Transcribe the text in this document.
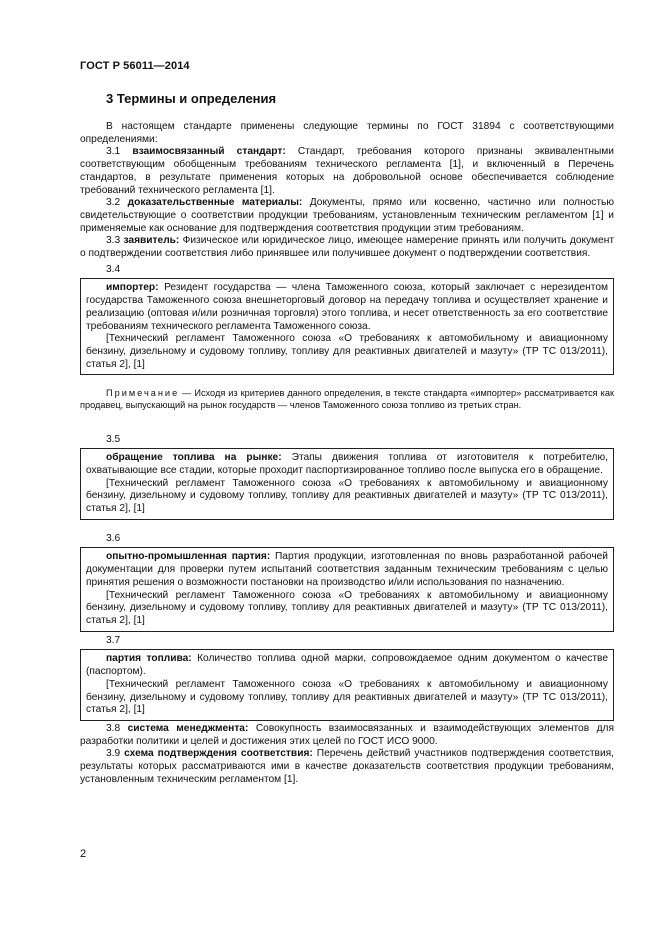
ГОСТ Р 56011—2014
3 Термины и определения

В настоящем стандарте применены следующие термины по ГОСТ 31894 с соответствующими определениями:

3.1 взаимосвязанный стандарт: Стандарт, требования которого признаны эквивалентными соответствующим обобщенным требованиям технического регламента [1], и включенный в Перечень стандартов, в результате применения которых на добровольной основе обеспечивается соблюдение требований технического регламента [1].

3.2 доказательственные материалы: Документы, прямо или косвенно, частично или полностью свидетельствующие о соответствии продукции требованиям, установленным техническим регламентом [1] и применяемые как основание для подтверждения соответствия продукции этим требованиям.

3.3 заявитель: Физическое или юридическое лицо, имеющее намерение принять или получить документ о подтверждении соответствия либо принявшее или получившее документ о подтверждении соответствия.

3.4

импортер: Резидент государства — члена Таможенного союза, который заключает с нерезидентом государства Таможенного союза внешнеторговый договор на передачу топлива и осуществляет хранение и реализацию (оптовая и/или розничная торговля) этого топлива, и несет ответственность за его соответствие требованиям технического регламента Таможенного союза.

[Технический регламент Таможенного союза «О требованиях к автомобильному и авиационному бензину, дизельному и судовому топливу, топливу для реактивных двигателей и мазуту» (ТР ТС 013/2011), статья 2], [1]

Примечание — Исходя из критериев данного определения, в тексте стандарта «импортер» рассматривается как продавец, выпускающий на рынок государств — членов Таможенного союза топливо из третьих стран.

3.5

обращение топлива на рынке: Этапы движения топлива от изготовителя к потребителю, охватывающие все стадии, которые проходит паспортизированное топливо после выпуска его в обращение.

[Технический регламент Таможенного союза «О требованиях к автомобильному и авиационному бензину, дизельному и судовому топливу, топливу для реактивных двигателей и мазуту» (ТР ТС 013/2011), статья 2], [1]

3.6

опытно-промышленная партия: Партия продукции, изготовленная по вновь разработанной рабочей документации для проверки путем испытаний соответствия заданным техническим требованиям с целью принятия решения о возможности постановки на производство и/или использования по назначению.

[Технический регламент Таможенного союза «О требованиях к автомобильному и авиационному бензину, дизельному и судовому топливу, топливу для реактивных двигателей и мазуту» (ТР ТС 013/2011), статья 2], [1]

3.7

партия топлива: Количество топлива одной марки, сопровождаемое одним документом о качестве (паспортом).

[Технический регламент Таможенного союза «О требованиях к автомобильному и авиационному бензину, дизельному и судовому топливу, топливу для реактивных двигателей и мазуту» (ТР ТС 013/2011), статья 2], [1]

3.8 система менеджмента: Совокупность взаимосвязанных и взаимодействующих элементов для разработки политики и целей и достижения этих целей по ГОСТ ИСО 9000.

3.9 схема подтверждения соответствия: Перечень действий участников подтверждения соответствия, результаты которых рассматриваются ими в качестве доказательств соответствия продукции требованиям, установленным техническим регламентом [1].

2
